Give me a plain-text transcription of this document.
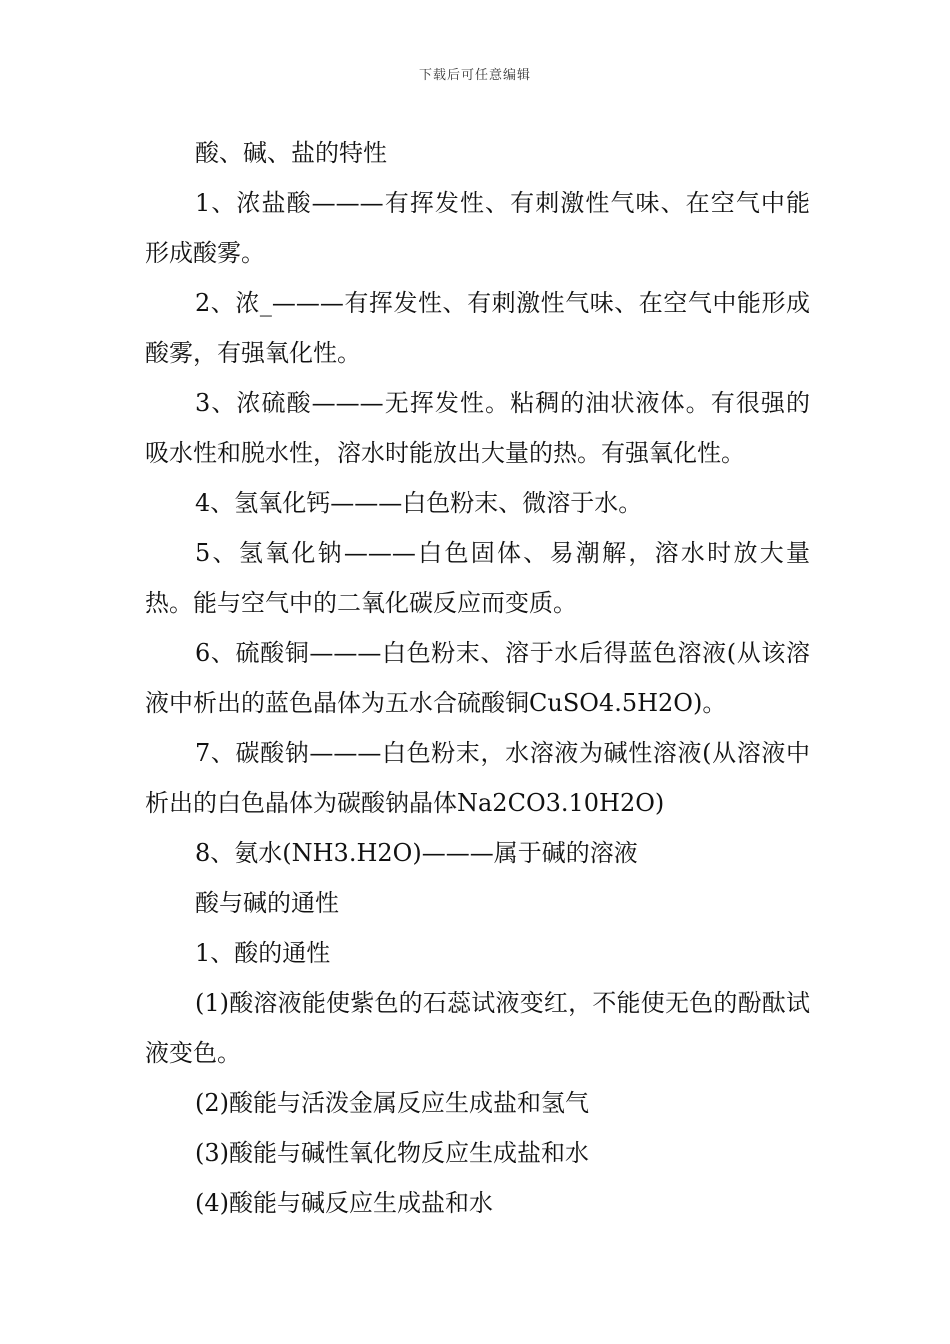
下载后可任意编辑

酸、碱、盐的特性

1、浓盐酸———有挥发性、有刺激性气味、在空气中能形成酸雾。

2、浓_———有挥发性、有刺激性气味、在空气中能形成酸雾，有强氧化性。

3、浓硫酸———无挥发性。粘稠的油状液体。有很强的吸水性和脱水性，溶水时能放出大量的热。有强氧化性。

4、氢氧化钙———白色粉末、微溶于水。

5、氢氧化钠———白色固体、易潮解，溶水时放大量热。能与空气中的二氧化碳反应而变质。

6、硫酸铜———白色粉末、溶于水后得蓝色溶液(从该溶液中析出的蓝色晶体为五水合硫酸铜CuSO4.5H2O)。

7、碳酸钠———白色粉末，水溶液为碱性溶液(从溶液中析出的白色晶体为碳酸钠晶体Na2CO3.10H2O)

8、氨水(NH3.H2O)———属于碱的溶液

酸与碱的通性

1、酸的通性

(1)酸溶液能使紫色的石蕊试液变红，不能使无色的酚酞试液变色。

(2)酸能与活泼金属反应生成盐和氢气

(3)酸能与碱性氧化物反应生成盐和水

(4)酸能与碱反应生成盐和水
